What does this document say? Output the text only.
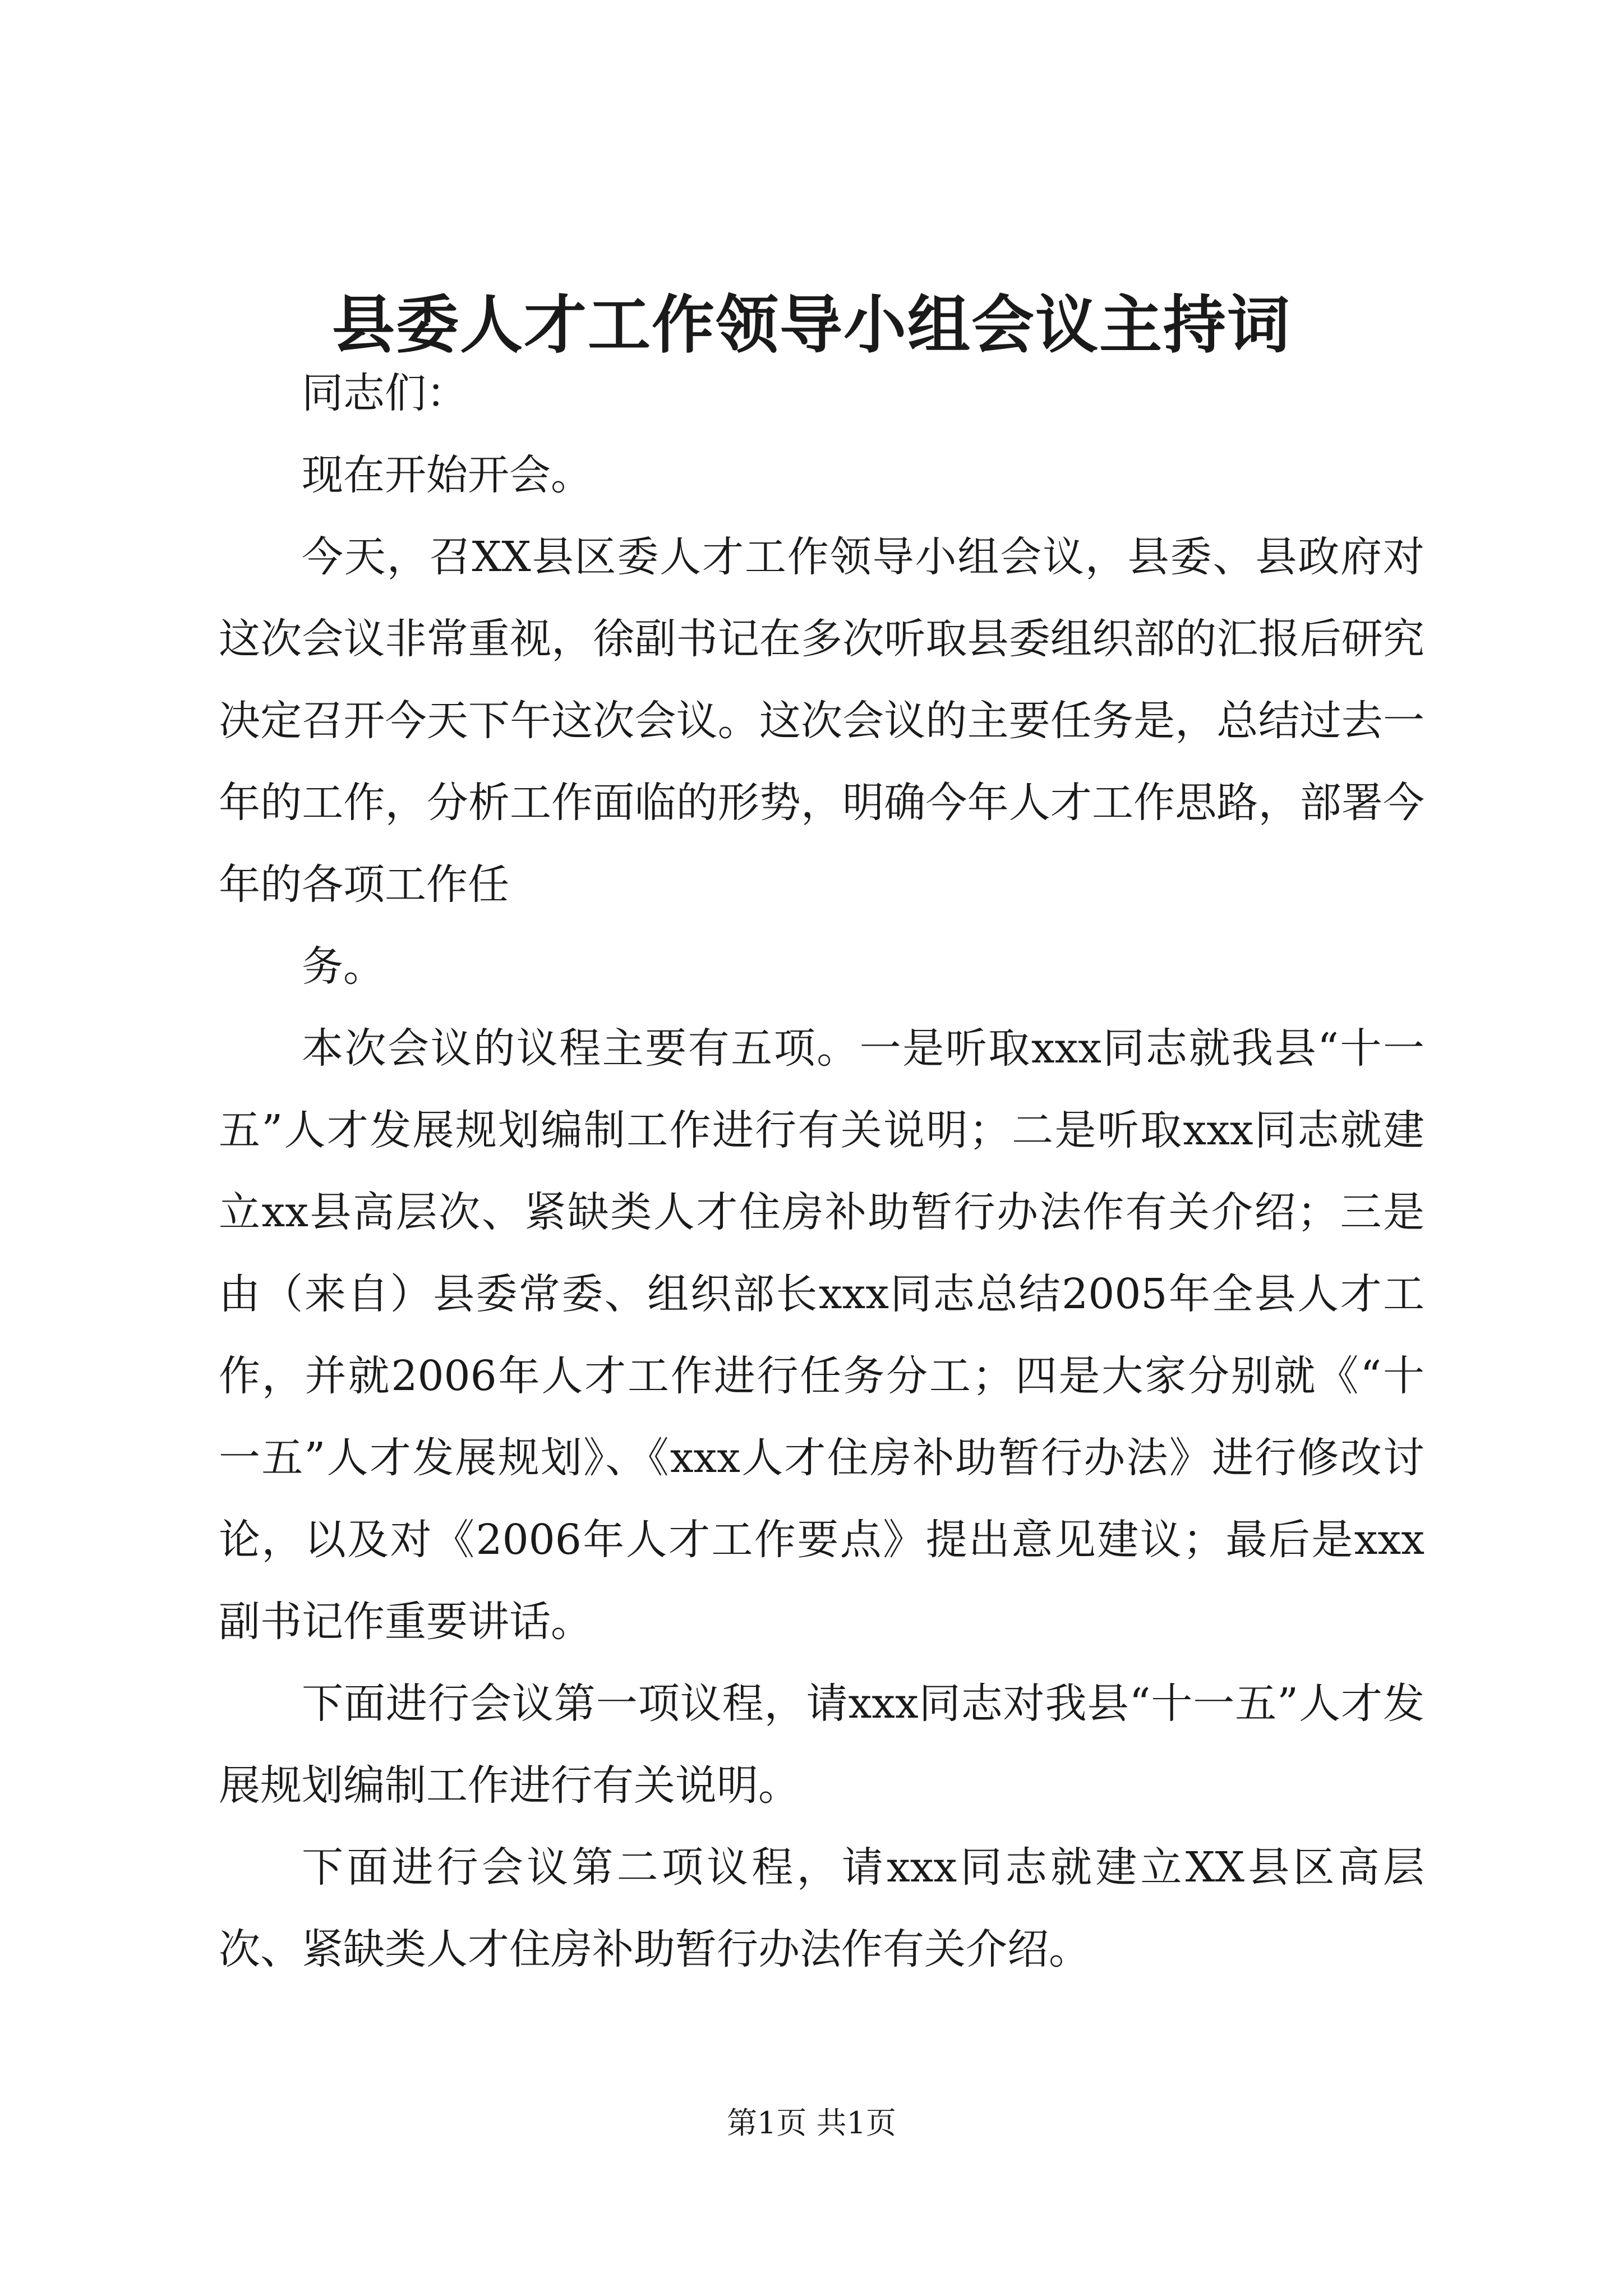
县委人才工作领导小组会议主持词

同志们：

现在开始开会。

今天，召XX县区委人才工作领导小组会议，县委、县政府对这次会议非常重视，徐副书记在多次听取县委组织部的汇报后研究决定召开今天下午这次会议。这次会议的主要任务是，总结过去一年的工作，分析工作面临的形势，明确今年人才工作思路，部署今年的各项工作任

务。

本次会议的议程主要有五项。一是听取xxx同志就我县“十一五”人才发展规划编制工作进行有关说明；二是听取xxx同志就建立xx县高层次、紧缺类人才住房补助暂行办法作有关介绍；三是由（来自）县委常委、组织部长xxx同志总结2005年全县人才工作，并就2006年人才工作进行任务分工；四是大家分别就《“十一五”人才发展规划》、《xxx人才住房补助暂行办法》进行修改讨论，以及对《2006年人才工作要点》提出意见建议；最后是xxx副书记作重要讲话。

下面进行会议第一项议程，请xxx同志对我县“十一五”人才发展规划编制工作进行有关说明。

下面进行会议第二项议程，请xxx同志就建立XX县区高层次、紧缺类人才住房补助暂行办法作有关介绍。

第1页 共1页
